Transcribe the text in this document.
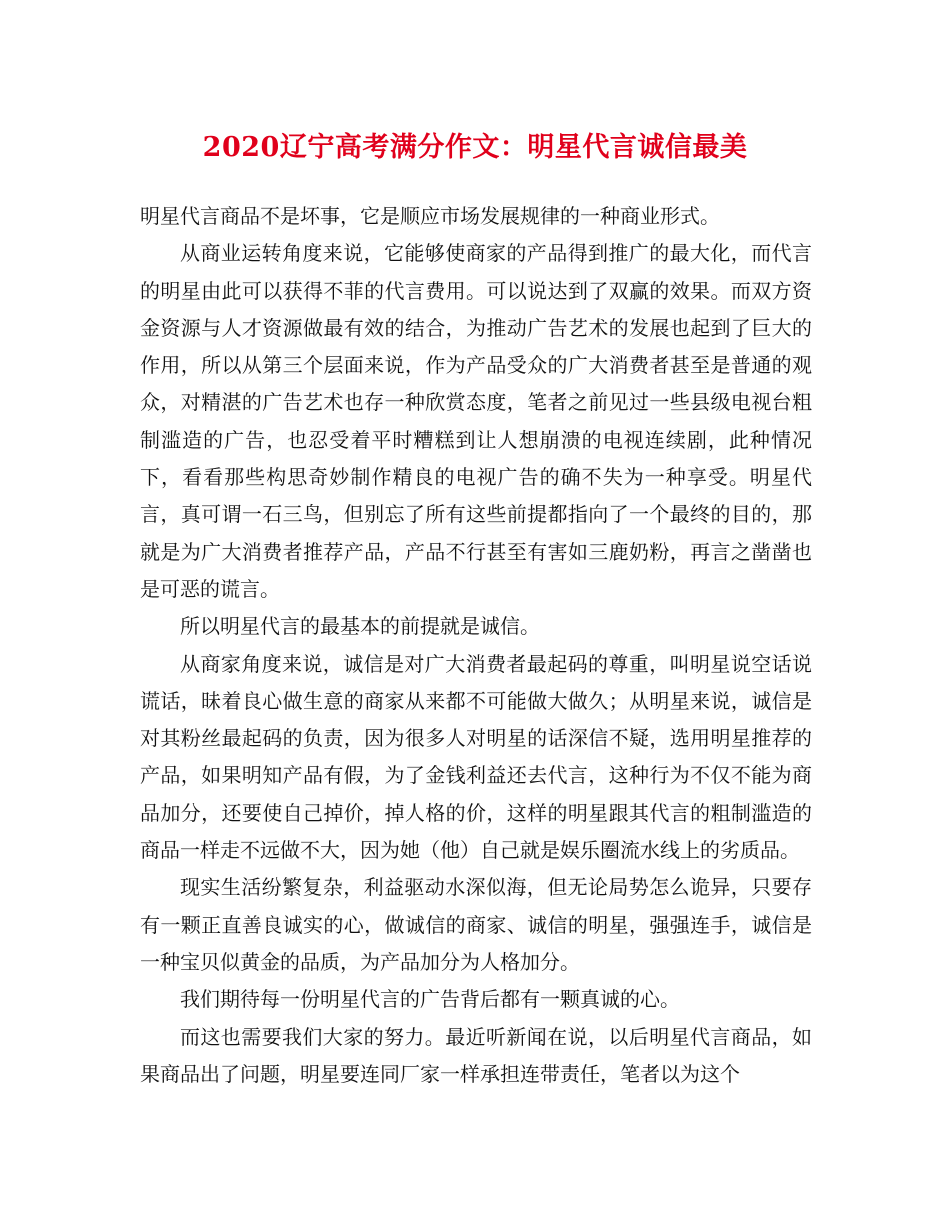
2020辽宁高考满分作文：明星代言诚信最美

明星代言商品不是坏事，它是顺应市场发展规律的一种商业形式。

从商业运转角度来说，它能够使商家的产品得到推广的最大化，而代言的明星由此可以获得不菲的代言费用。可以说达到了双赢的效果。而双方资金资源与人才资源做最有效的结合，为推动广告艺术的发展也起到了巨大的作用，所以从第三个层面来说，作为产品受众的广大消费者甚至是普通的观众，对精湛的广告艺术也存一种欣赏态度，笔者之前见过一些县级电视台粗制滥造的广告，也忍受着平时糟糕到让人想崩溃的电视连续剧，此种情况下，看看那些构思奇妙制作精良的电视广告的确不失为一种享受。明星代言，真可谓一石三鸟，但别忘了所有这些前提都指向了一个最终的目的，那就是为广大消费者推荐产品，产品不行甚至有害如三鹿奶粉，再言之凿凿也是可恶的谎言。

所以明星代言的最基本的前提就是诚信。

从商家角度来说，诚信是对广大消费者最起码的尊重，叫明星说空话说谎话，昧着良心做生意的商家从来都不可能做大做久；从明星来说，诚信是对其粉丝最起码的负责，因为很多人对明星的话深信不疑，选用明星推荐的产品，如果明知产品有假，为了金钱利益还去代言，这种行为不仅不能为商品加分，还要使自己掉价，掉人格的价，这样的明星跟其代言的粗制滥造的商品一样走不远做不大，因为她（他）自己就是娱乐圈流水线上的劣质品。

现实生活纷繁复杂，利益驱动水深似海，但无论局势怎么诡异，只要存有一颗正直善良诚实的心，做诚信的商家、诚信的明星，强强连手，诚信是一种宝贝似黄金的品质，为产品加分为人格加分。

我们期待每一份明星代言的广告背后都有一颗真诚的心。

而这也需要我们大家的努力。最近听新闻在说，以后明星代言商品，如果商品出了问题，明星要连同厂家一样承担连带责任，笔者以为这个
